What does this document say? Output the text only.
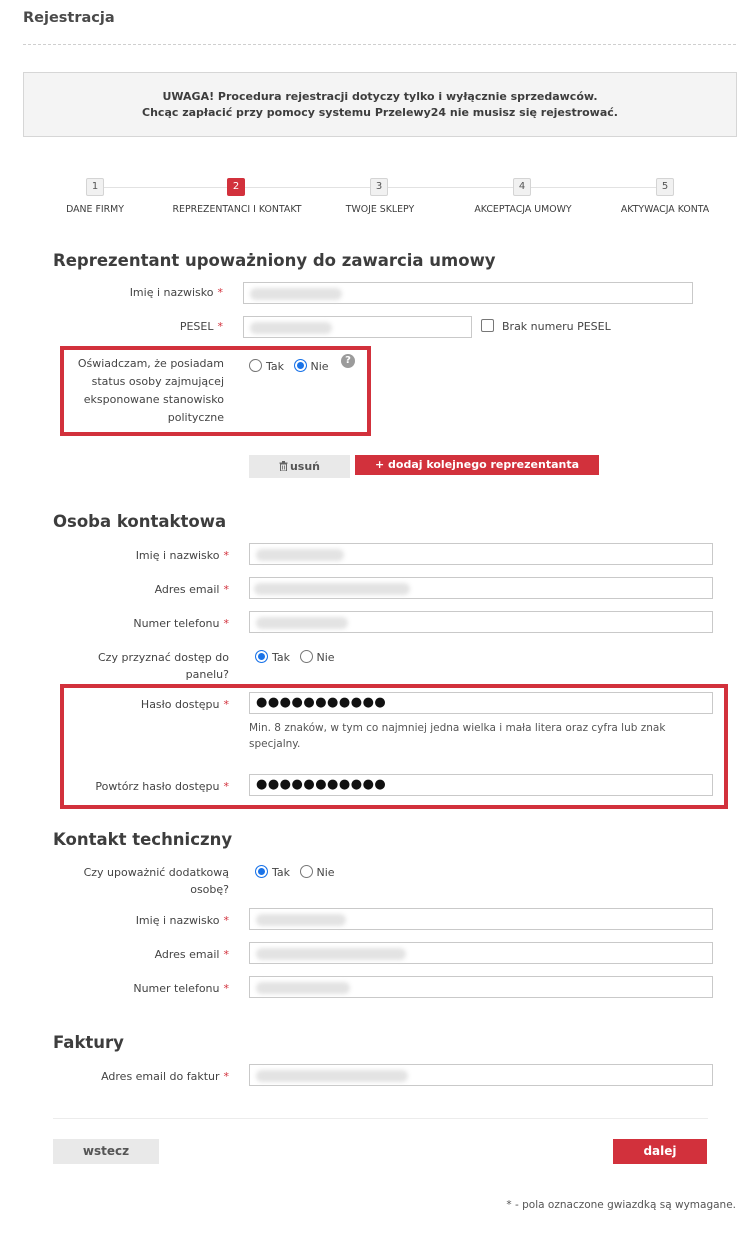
Rejestracja
UWAGA! Procedura rejestracji dotyczy tylko i wyłącznie sprzedawców.
Chcąc zapłacić przy pomocy systemu Przelewy24 nie musisz się rejestrować.
1
DANE FIRMY
2
REPREZENTANCI I KONTAKT
3
TWOJE SKLEPY
4
AKCEPTACJA UMOWY
5
AKTYWACJA KONTA
Reprezentant upoważniony do zawarcia umowy
Imię i nazwisko *
PESEL *	Brak numeru PESEL
Oświadczam, że posiadam
status osoby zajmującej
eksponowane stanowisko
polityczne
Tak Nie	?
usuń	+ dodaj kolejnego reprezentanta
Osoba kontaktowa
Imię i nazwisko *
Adres email *
Numer telefonu *
Czy przyznać dostęp do
panelu?
Tak Nie
Hasło dostępu *	●●●●●●●●●●●
Min. 8 znaków, w tym co najmniej jedna wielka i mała litera oraz cyfra lub znak
specjalny.
Powtórz hasło dostępu *	●●●●●●●●●●●
Kontakt techniczny
Czy upoważnić dodatkową
osobę?
Tak Nie
Imię i nazwisko *
Adres email *
Numer telefonu *
Faktury
Adres email do faktur *
wstecz	dalej
* - pola oznaczone gwiazdką są wymagane.
